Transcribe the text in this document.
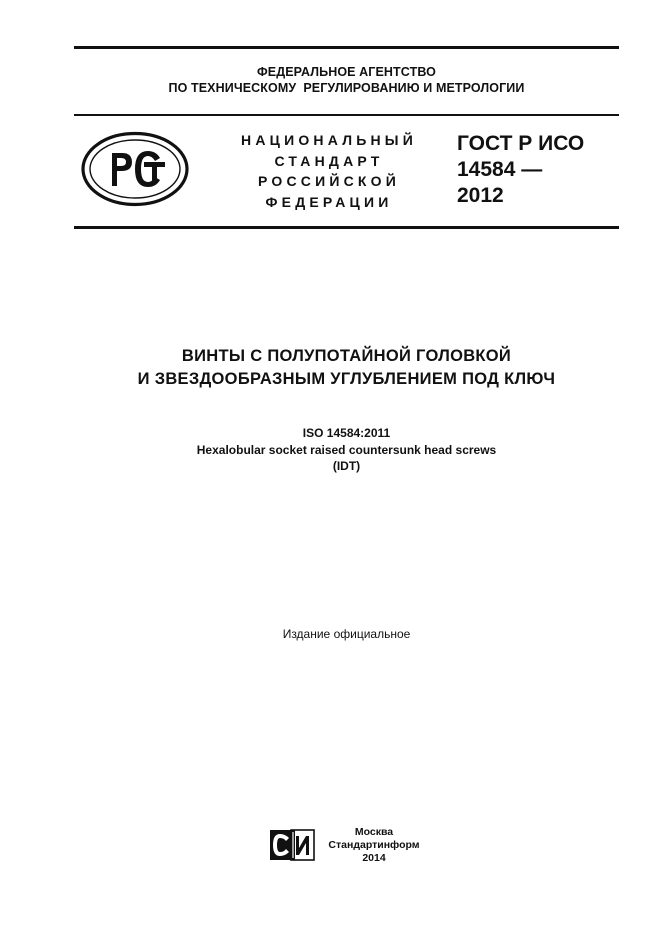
ФЕДЕРАЛЬНОЕ АГЕНТСТВО
ПО ТЕХНИЧЕСКОМУ  РЕГУЛИРОВАНИЮ И МЕТРОЛОГИИ
НАЦИОНАЛЬНЫЙ
СТАНДАРТ
РОССИЙСКОЙ
ФЕДЕРАЦИИ
ГОСТ Р ИСО
14584 —
2012
ВИНТЫ С ПОЛУПОТАЙНОЙ ГОЛОВКОЙ
И ЗВЕЗДООБРАЗНЫМ УГЛУБЛЕНИЕМ ПОД КЛЮЧ
ISO 14584:2011
Hexalobular socket raised countersunk head screws
(IDT)
Издание официальное
Москва
Стандартинформ
2014
